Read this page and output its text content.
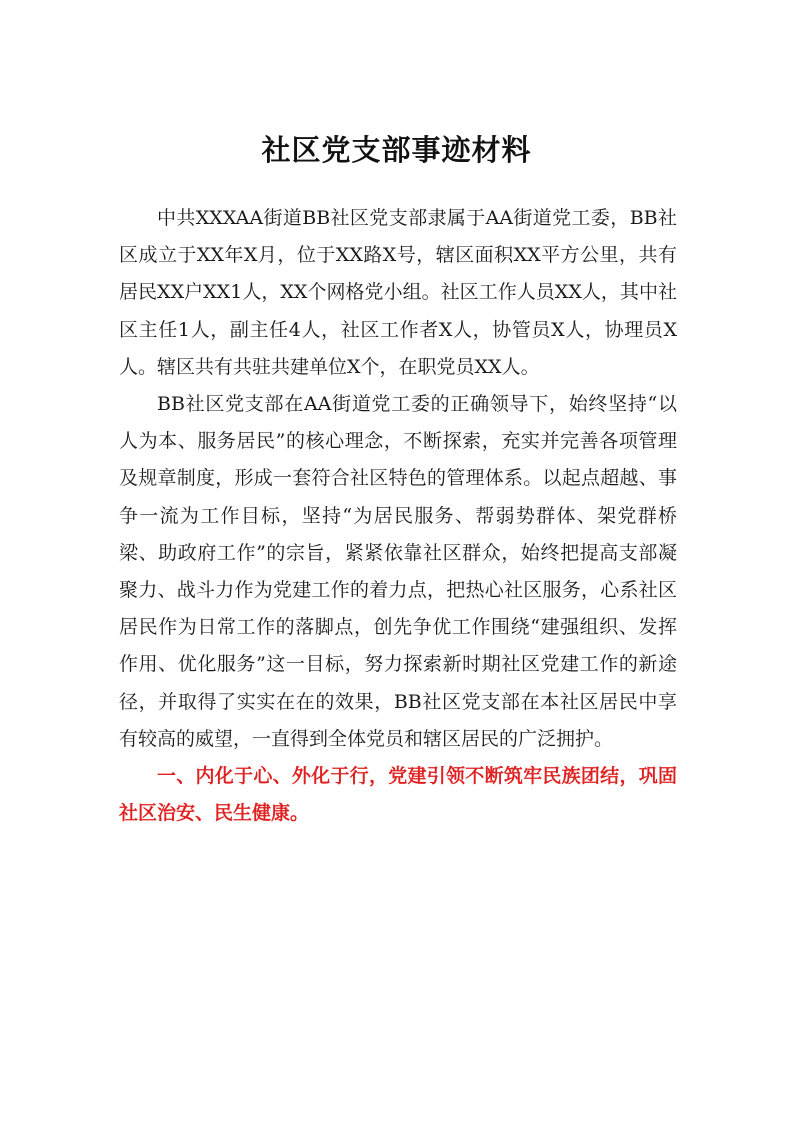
社区党支部事迹材料

中共XXXAA街道BB社区党支部隶属于AA街道党工委，BB社区成立于XX年X月，位于XX路X号，辖区面积XX平方公里，共有居民XX户XX1人，XX个网格党小组。社区工作人员XX人，其中社区主任1人，副主任4人，社区工作者X人，协管员X人，协理员X人。辖区共有共驻共建单位X个，在职党员XX人。

BB社区党支部在AA街道党工委的正确领导下，始终坚持“以人为本、服务居民”的核心理念，不断探索，充实并完善各项管理及规章制度，形成一套符合社区特色的管理体系。以起点超越、事争一流为工作目标，坚持“为居民服务、帮弱势群体、架党群桥梁、助政府工作”的宗旨，紧紧依靠社区群众，始终把提高支部凝聚力、战斗力作为党建工作的着力点，把热心社区服务，心系社区居民作为日常工作的落脚点，创先争优工作围绕“建强组织、发挥作用、优化服务”这一目标，努力探索新时期社区党建工作的新途径，并取得了实实在在的效果，BB社区党支部在本社区居民中享有较高的威望，一直得到全体党员和辖区居民的广泛拥护。

一、内化于心、外化于行，党建引领不断筑牢民族团结，巩固社区治安、民生健康。
